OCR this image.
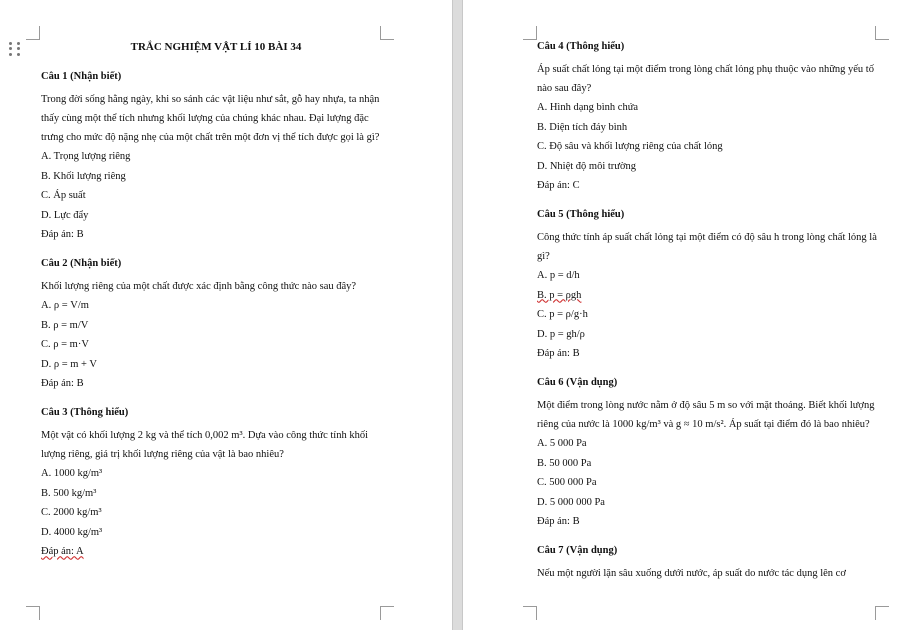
TRẮC NGHIỆM VẬT LÍ 10 BÀI 34
Câu 1 (Nhận biết)
Trong đời sống hằng ngày, khi so sánh các vật liệu như sắt, gỗ hay nhựa, ta nhận thấy cùng một thể tích nhưng khối lượng của chúng khác nhau. Đại lượng đặc trưng cho mức độ nặng nhẹ của một chất trên một đơn vị thể tích được gọi là gì?
A. Trọng lượng riêng
B. Khối lượng riêng
C. Áp suất
D. Lực đẩy
Đáp án: B
Câu 2 (Nhận biết)
Khối lượng riêng của một chất được xác định bằng công thức nào sau đây?
A. ρ = V/m
B. ρ = m/V
C. ρ = m·V
D. ρ = m + V
Đáp án: B
Câu 3 (Thông hiểu)
Một vật có khối lượng 2 kg và thể tích 0,002 m³. Dựa vào công thức tính khối lượng riêng, giá trị khối lượng riêng của vật là bao nhiêu?
A. 1000 kg/m³
B. 500 kg/m³
C. 2000 kg/m³
D. 4000 kg/m³
Đáp án: A
Câu 4 (Thông hiểu)
Áp suất chất lỏng tại một điểm trong lòng chất lỏng phụ thuộc vào những yếu tố nào sau đây?
A. Hình dạng bình chứa
B. Diện tích đáy bình
C. Độ sâu và khối lượng riêng của chất lỏng
D. Nhiệt độ môi trường
Đáp án: C
Câu 5 (Thông hiểu)
Công thức tính áp suất chất lỏng tại một điểm có độ sâu h trong lòng chất lỏng là gì?
A. p = d/h
B. p = ρgh
C. p = ρ/g·h
D. p = gh/ρ
Đáp án: B
Câu 6 (Vận dụng)
Một điểm trong lòng nước nằm ở độ sâu 5 m so với mặt thoáng. Biết khối lượng riêng của nước là 1000 kg/m³ và g ≈ 10 m/s². Áp suất tại điểm đó là bao nhiêu?
A. 5 000 Pa
B. 50 000 Pa
C. 500 000 Pa
D. 5 000 000 Pa
Đáp án: B
Câu 7 (Vận dụng)
Nếu một người lặn sâu xuống dưới nước, áp suất do nước tác dụng lên cơ
